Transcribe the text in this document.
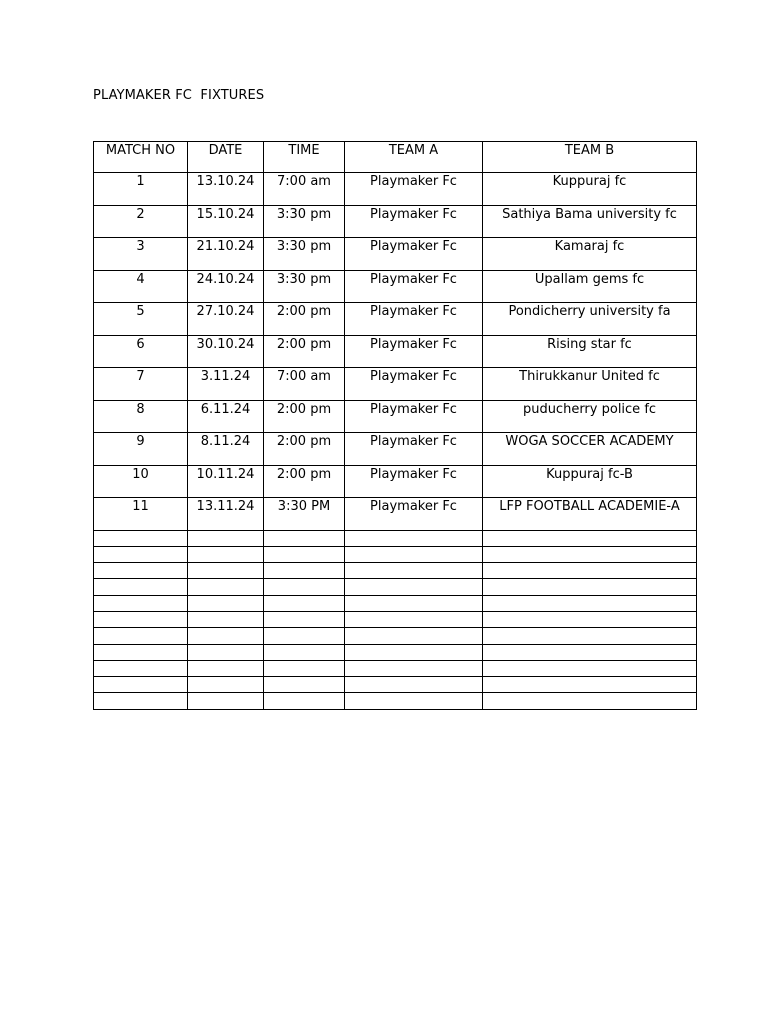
PLAYMAKER FC  FIXTURES
MATCH NO	DATE	TIME	TEAM A	TEAM B
1	13.10.24	7:00 am	Playmaker Fc	Kuppuraj fc
2	15.10.24	3:30 pm	Playmaker Fc	Sathiya Bama university fc
3	21.10.24	3:30 pm	Playmaker Fc	Kamaraj fc
4	24.10.24	3:30 pm	Playmaker Fc	Upallam gems fc
5	27.10.24	2:00 pm	Playmaker Fc	Pondicherry university fa
6	30.10.24	2:00 pm	Playmaker Fc	Rising star fc
7	3.11.24	7:00 am	Playmaker Fc	Thirukkanur United fc
8	6.11.24	2:00 pm	Playmaker Fc	puducherry police fc
9	8.11.24	2:00 pm	Playmaker Fc	WOGA SOCCER ACADEMY
10	10.11.24	2:00 pm	Playmaker Fc	Kuppuraj fc-B
11	13.11.24	3:30 PM	Playmaker Fc	LFP FOOTBALL ACADEMIE-A
